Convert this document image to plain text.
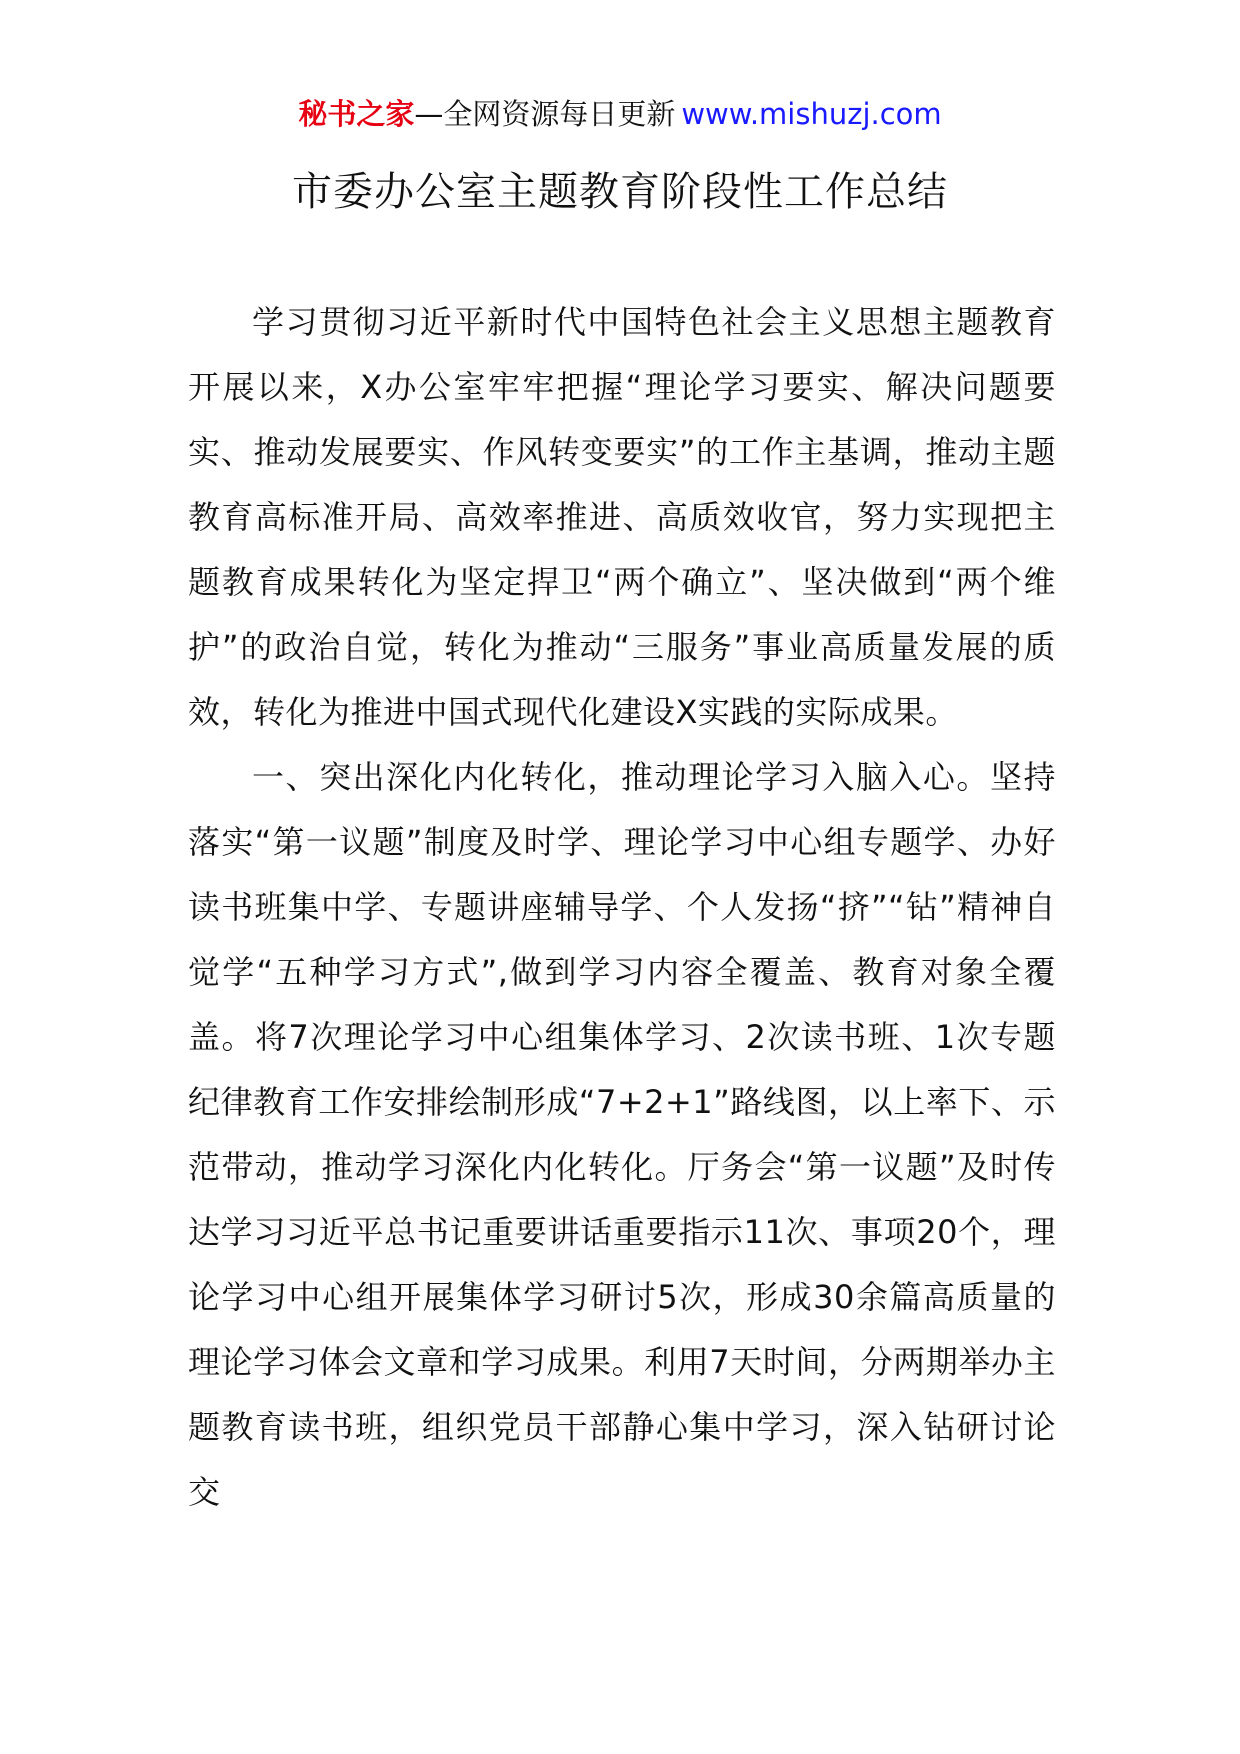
秘书之家—全网资源每日更新 www.mishuzj.com
市委办公室主题教育阶段性工作总结

学习贯彻习近平新时代中国特色社会主义思想主题教育开展以来，X办公室牢牢把握“理论学习要实、解决问题要实、推动发展要实、作风转变要实”的工作主基调，推动主题教育高标准开局、高效率推进、高质效收官，努力实现把主题教育成果转化为坚定捍卫“两个确立”、坚决做到“两个维护”的政治自觉，转化为推动“三服务”事业高质量发展的质效，转化为推进中国式现代化建设X实践的实际成果。

一、突出深化内化转化，推动理论学习入脑入心。坚持落实“第一议题”制度及时学、理论学习中心组专题学、办好读书班集中学、专题讲座辅导学、个人发扬“挤”“钻”精神自觉学“五种学习方式”,做到学习内容全覆盖、教育对象全覆盖。将7次理论学习中心组集体学习、2次读书班、1次专题纪律教育工作安排绘制形成“7+2+1”路线图，以上率下、示范带动，推动学习深化内化转化。厅务会“第一议题”及时传达学习习近平总书记重要讲话重要指示11次、事项20个，理论学习中心组开展集体学习研讨5次，形成30余篇高质量的理论学习体会文章和学习成果。利用7天时间，分两期举办主题教育读书班，组织党员干部静心集中学习，深入钻研讨论交
